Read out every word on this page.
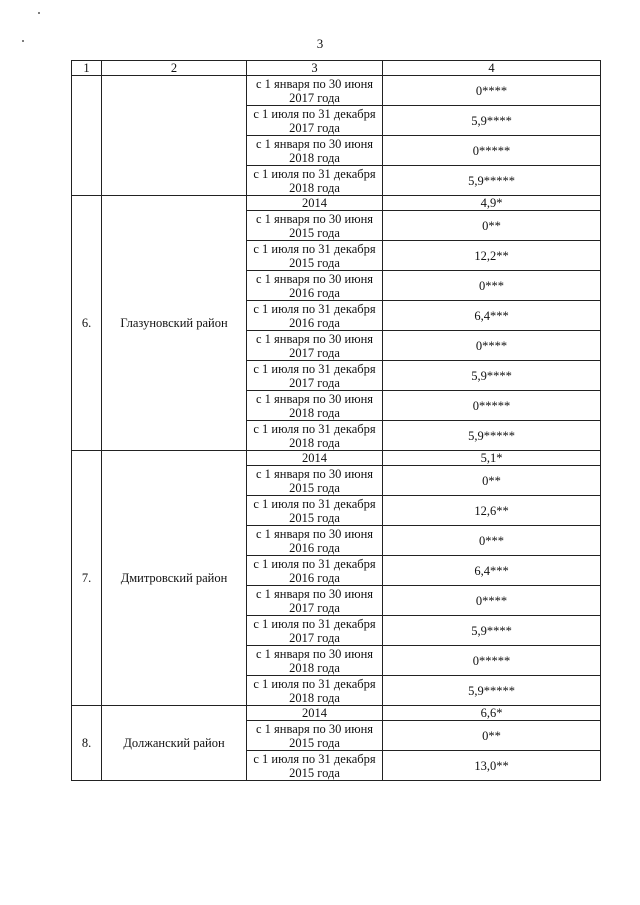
3
1	2	3	4
		с 1 января по 30 июня 2017 года	0****
		с 1 июля по 31 декабря 2017 года	5,9****
		с 1 января по 30 июня 2018 года	0*****
		с 1 июля по 31 декабря 2018 года	5,9*****
6.	Глазуновский район	2014	4,9*
		с 1 января по 30 июня 2015 года	0**
		с 1 июля по 31 декабря 2015 года	12,2**
		с 1 января по 30 июня 2016 года	0***
		с 1 июля по 31 декабря 2016 года	6,4***
		с 1 января по 30 июня 2017 года	0****
		с 1 июля по 31 декабря 2017 года	5,9****
		с 1 января по 30 июня 2018 года	0*****
		с 1 июля по 31 декабря 2018 года	5,9*****
7.	Дмитровский район	2014	5,1*
		с 1 января по 30 июня 2015 года	0**
		с 1 июля по 31 декабря 2015 года	12,6**
		с 1 января по 30 июня 2016 года	0***
		с 1 июля по 31 декабря 2016 года	6,4***
		с 1 января по 30 июня 2017 года	0****
		с 1 июля по 31 декабря 2017 года	5,9****
		с 1 января по 30 июня 2018 года	0*****
		с 1 июля по 31 декабря 2018 года	5,9*****
8.	Должанский район	2014	6,6*
		с 1 января по 30 июня 2015 года	0**
		с 1 июля по 31 декабря 2015 года	13,0**
